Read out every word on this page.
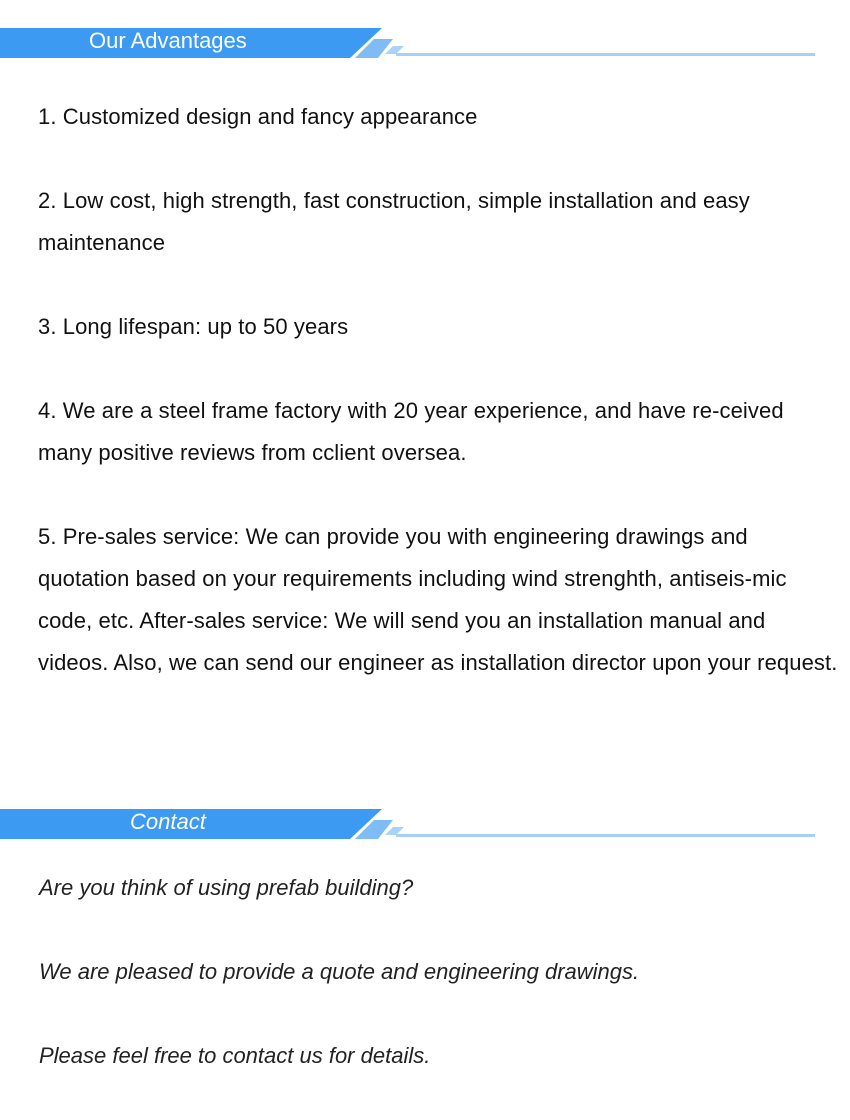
Our Advantages
1. Customized design and fancy appearance
2. Low cost, high strength, fast construction, simple installation and easy maintenance
3. Long lifespan: up to 50 years
4. We are a steel frame factory with 20 year experience, and have re-ceived many positive reviews from cclient oversea.
5. Pre-sales service: We can provide you with engineering drawings and quotation based on your requirements including wind strenghth, antiseis-mic code, etc. After-sales service: We will send you an installation manual and videos. Also, we can send our engineer as installation director upon your request.
Contact

Are you think of using prefab building?

We are pleased to provide a quote and engineering drawings.

Please feel free to contact us for details.
